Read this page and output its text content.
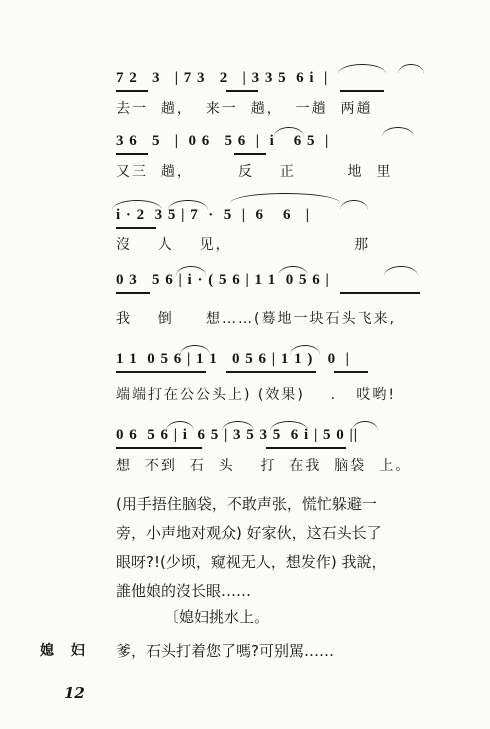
7 2   3   | 7 3   2   | 3 3 5  6 i  |
去一  趟，  来一  趟，  一趟  两趟
3 6   5   |  0 6   5 6  |  i    6 5  |
又三  趟，       反    正        地  里
i · 2  3 5 | 7  ·  5  |  6    6   |
沒    人    见，                   那
0 3   5 6 | i · ( 5 6 | 1 1  0 5 6 |
我    倒     想……(蓦地一块石头飞来,
1 1  0 5 6 | 1 1   0 5 6 | 1 1 )   0  |
端端打在公公头上) (效果)    .   哎哟!
0 6  5 6 | i  6 5 | 3 5 3 5  6 i | 5 0 ||
想  不到  石  头    打  在我  脑袋  上。
(用手捂住脑袋，不敢声张，慌忙躲避一
旁，小声地对观众) 好家伙，这石头长了
眼呀?!(少顷，窥视无人，想发作) 我說，
誰他娘的沒长眼……
〔媳妇挑水上。
媳 妇 爹，石头打着您了嗎?可别駡……
12
